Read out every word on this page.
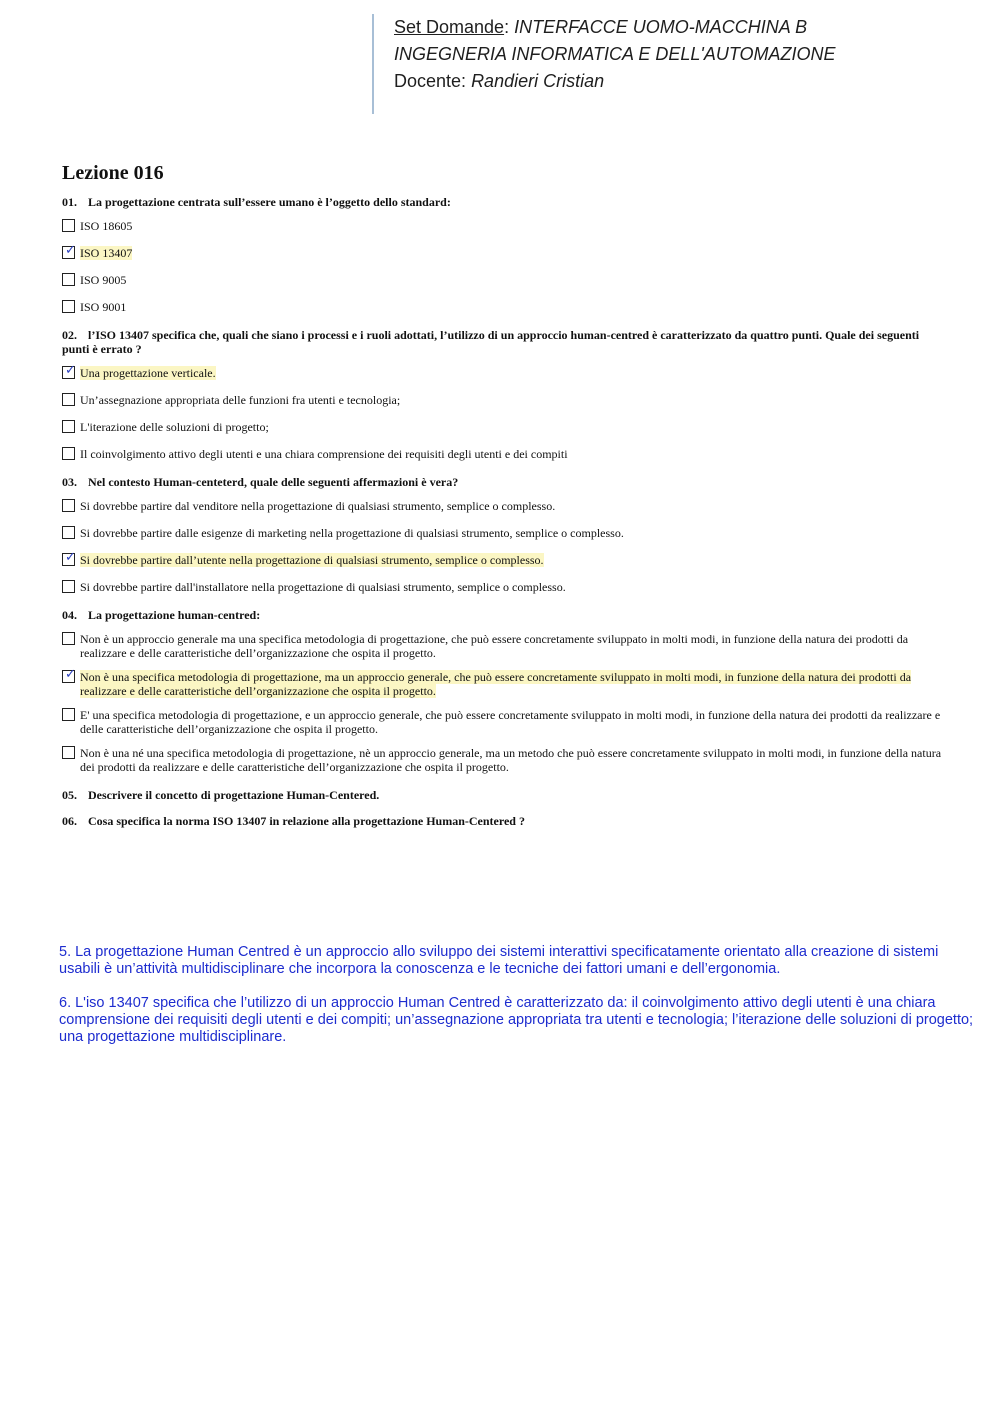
Set Domande: INTERFACCE UOMO-MACCHINA B
INGEGNERIA INFORMATICA E DELL'AUTOMAZIONE
Docente: Randieri Cristian
Lezione 016
01. La progettazione centrata sull’essere umano è l’oggetto dello standard:
ISO 18605
✓ ISO 13407
ISO 9005
ISO 9001
02. l’ISO 13407 specifica che, quali che siano i processi e i ruoli adottati, l’utilizzo di un approccio human-centred è caratterizzato da quattro punti. Quale dei seguenti punti è errato ?
✓ Una progettazione verticale.
Un’assegnazione appropriata delle funzioni fra utenti e tecnologia;
L'iterazione delle soluzioni di progetto;
Il coinvolgimento attivo degli utenti e una chiara comprensione dei requisiti degli utenti e dei compiti
03. Nel contesto Human-centeterd, quale delle seguenti affermazioni è vera?
Si dovrebbe partire dal venditore nella progettazione di qualsiasi strumento, semplice o complesso.
Si dovrebbe partire dalle esigenze di marketing nella progettazione di qualsiasi strumento, semplice o complesso.
✓ Si dovrebbe partire dall’utente nella progettazione di qualsiasi strumento, semplice o complesso.
Si dovrebbe partire dall'installatore nella progettazione di qualsiasi strumento, semplice o complesso.
04. La progettazione human-centred:
Non è un approccio generale ma una specifica metodologia di progettazione, che può essere concretamente sviluppato in molti modi, in funzione della natura dei prodotti da realizzare e delle caratteristiche dell’organizzazione che ospita il progetto.
✓ Non è una specifica metodologia di progettazione, ma un approccio generale, che può essere concretamente sviluppato in molti modi, in funzione della natura dei prodotti da realizzare e delle caratteristiche dell’organizzazione che ospita il progetto.
E' una specifica metodologia di progettazione, e un approccio generale, che può essere concretamente sviluppato in molti modi, in funzione della natura dei prodotti da realizzare e delle caratteristiche dell’organizzazione che ospita il progetto.
Non è una né una specifica metodologia di progettazione, nè un approccio generale, ma un metodo che può essere concretamente sviluppato in molti modi, in funzione della natura dei prodotti da realizzare e delle caratteristiche dell’organizzazione che ospita il progetto.
05. Descrivere il concetto di progettazione Human-Centered.
06. Cosa specifica la norma ISO 13407 in relazione alla progettazione Human-Centered ?

5. La progettazione Human Centred è un approccio allo sviluppo dei sistemi interattivi specificatamente orientato alla creazione di sistemi usabili è un’attività multidisciplinare che incorpora la conoscenza e le tecniche dei fattori umani e dell’ergonomia.

6. L'iso 13407 specifica che l’utilizzo di un approccio Human Centred è caratterizzato da: il coinvolgimento attivo degli utenti è una chiara comprensione dei requisiti degli utenti e dei compiti; un’assegnazione appropriata tra utenti e tecnologia; l’iterazione delle soluzioni di progetto; una progettazione multidisciplinare.
